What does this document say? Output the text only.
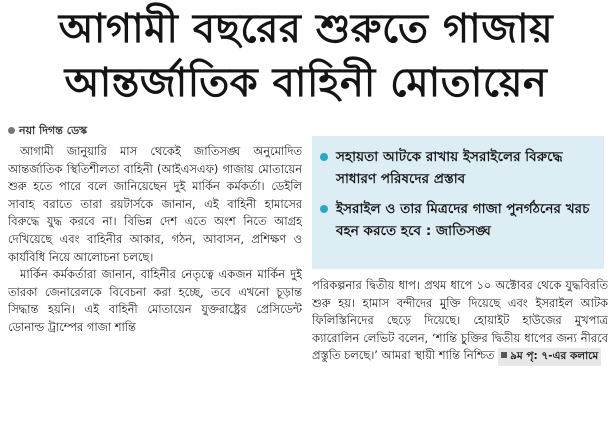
আগামী বছরের শুরুতে গাজায়
আন্তর্জাতিক বাহিনী মোতায়েন
নয়া দিগন্ত ডেস্ক

আগামী জানুয়ারি মাস থেকেই জাতিসঙ্ঘ অনুমোদিত আন্তর্জাতিক স্থিতিশীলতা বাহিনী (আইএসএফ) গাজায় মোতায়েন শুরু হতে পারে বলে জানিয়েছেন দুই মার্কিন কর্মকর্তা। ডেইলি সাবাহ বরাতে তারা রয়টার্সকে জানান, এই বাহিনী হামাসের বিরুদ্ধে যুদ্ধ করবে না। বিভিন্ন দেশ এতে অংশ নিতে আগ্রহ দেখিয়েছে এবং বাহিনীর আকার, গঠন, আবাসন, প্রশিক্ষণ ও কার্যবিধি নিয়ে আলোচনা চলছে।

মার্কিন কর্মকর্তারা জানান, বাহিনীর নেতৃত্বে একজন মার্কিন দুই তারকা জেনারেলকে বিবেচনা করা হচ্ছে, তবে এখনো চূড়ান্ত সিদ্ধান্ত হয়নি। এই বাহিনী মোতায়েন যুক্তরাষ্ট্রের প্রেসিডেন্ট ডোনাল্ড ট্রাম্পের গাজা শান্তি

সহায়তা আটকে রাখায় ইসরাইলের বিরুদ্ধে সাধারণ পরিষদের প্রস্তাব
ইসরাইল ও তার মিত্রদের গাজা পুনর্গঠনের খরচ বহন করতে হবে : জাতিসঙ্ঘ

পরিকল্পনার দ্বিতীয় ধাপ। প্রথম ধাপে ১০ অক্টোবর থেকে যুদ্ধবিরতি শুরু হয়। হামাস বন্দীদের মুক্তি দিয়েছে এবং ইসরাইল আটক ফিলিস্তিনিদের ছেড়ে দিয়েছে। হোয়াইট হাউজের মুখপাত্র ক্যারোলিন লেভিট বলেন, ‘শান্তি চুক্তির দ্বিতীয় ধাপের জন্য নীরবে প্রস্তুতি চলছে।’ আমরা স্থায়ী শান্তি নিশ্চিত ৯ম পৃ: ৭-এর কলামে
